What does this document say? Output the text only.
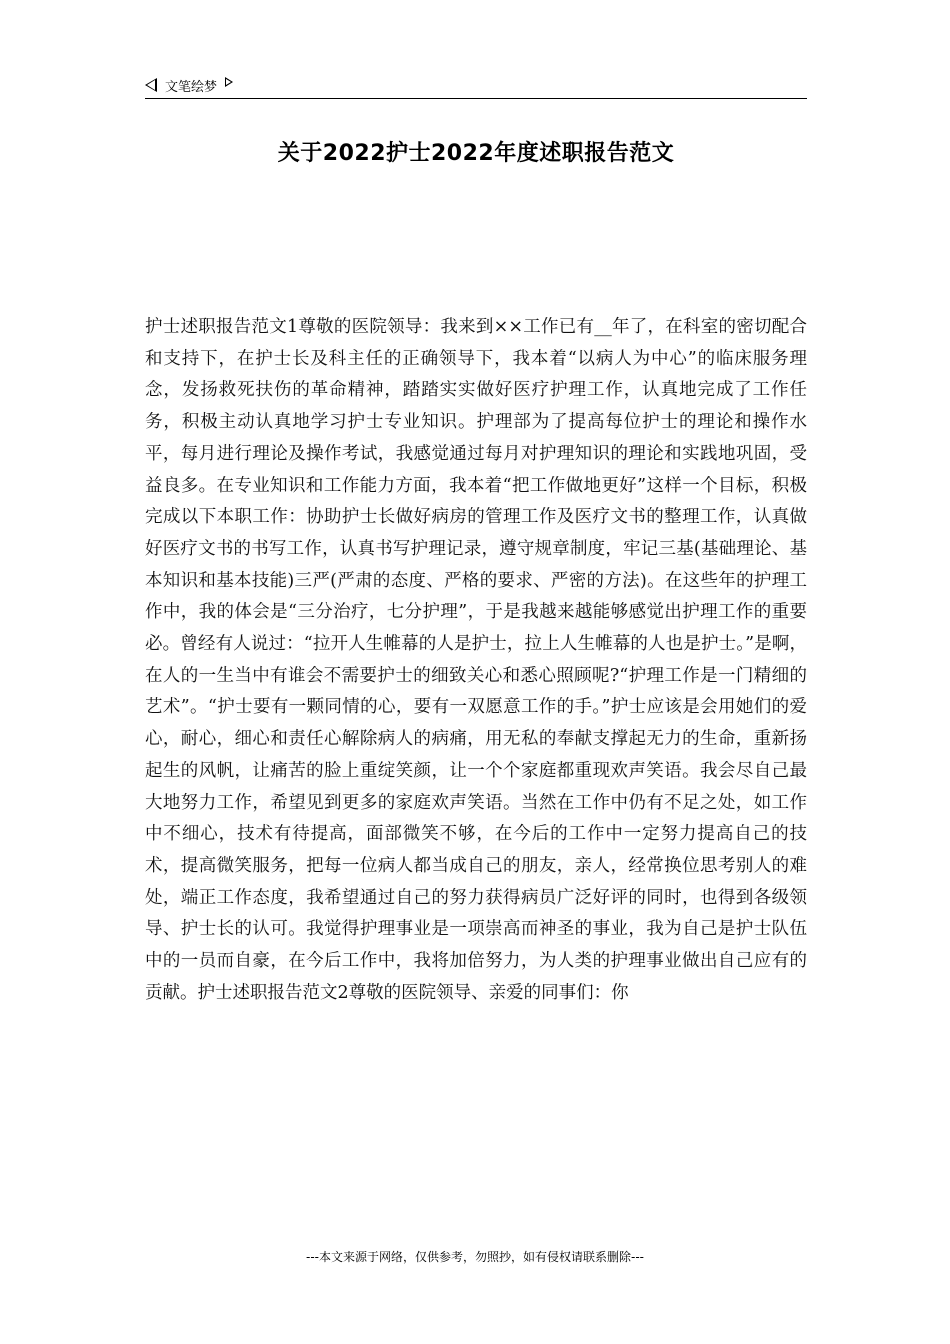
文笔绘梦
关于2022护士2022年度述职报告范文

护士述职报告范文1尊敬的医院领导：我来到××工作已有__年了，在科室的密切配合和支持下，在护士长及科主任的正确领导下，我本着“以病人为中心”的临床服务理念，发扬救死扶伤的革命精神，踏踏实实做好医疗护理工作，认真地完成了工作任务，积极主动认真地学习护士专业知识。护理部为了提高每位护士的理论和操作水平，每月进行理论及操作考试，我感觉通过每月对护理知识的理论和实践地巩固，受益良多。在专业知识和工作能力方面，我本着“把工作做地更好”这样一个目标，积极完成以下本职工作：协助护士长做好病房的管理工作及医疗文书的整理工作，认真做好医疗文书的书写工作，认真书写护理记录，遵守规章制度，牢记三基(基础理论、基本知识和基本技能)三严(严肃的态度、严格的要求、严密的方法)。在这些年的护理工作中，我的体会是“三分治疗，七分护理”，于是我越来越能够感觉出护理工作的重要必。曾经有人说过：“拉开人生帷幕的人是护士，拉上人生帷幕的人也是护士。”是啊，在人的一生当中有谁会不需要护士的细致关心和悉心照顾呢?“护理工作是一门精细的艺术”。“护士要有一颗同情的心，要有一双愿意工作的手。”护士应该是会用她们的爱心，耐心，细心和责任心解除病人的病痛，用无私的奉献支撑起无力的生命，重新扬起生的风帆，让痛苦的脸上重绽笑颜，让一个个家庭都重现欢声笑语。我会尽自己最大地努力工作，希望见到更多的家庭欢声笑语。当然在工作中仍有不足之处，如工作中不细心，技术有待提高，面部微笑不够，在今后的工作中一定努力提高自己的技术，提高微笑服务，把每一位病人都当成自己的朋友，亲人，经常换位思考别人的难处，端正工作态度，我希望通过自己的努力获得病员广泛好评的同时，也得到各级领导、护士长的认可。我觉得护理事业是一项崇高而神圣的事业，我为自己是护士队伍中的一员而自豪，在今后工作中，我将加倍努力，为人类的护理事业做出自己应有的贡献。护士述职报告范文2尊敬的医院领导、亲爱的同事们：你

---本文来源于网络，仅供参考，勿照抄，如有侵权请联系删除---
